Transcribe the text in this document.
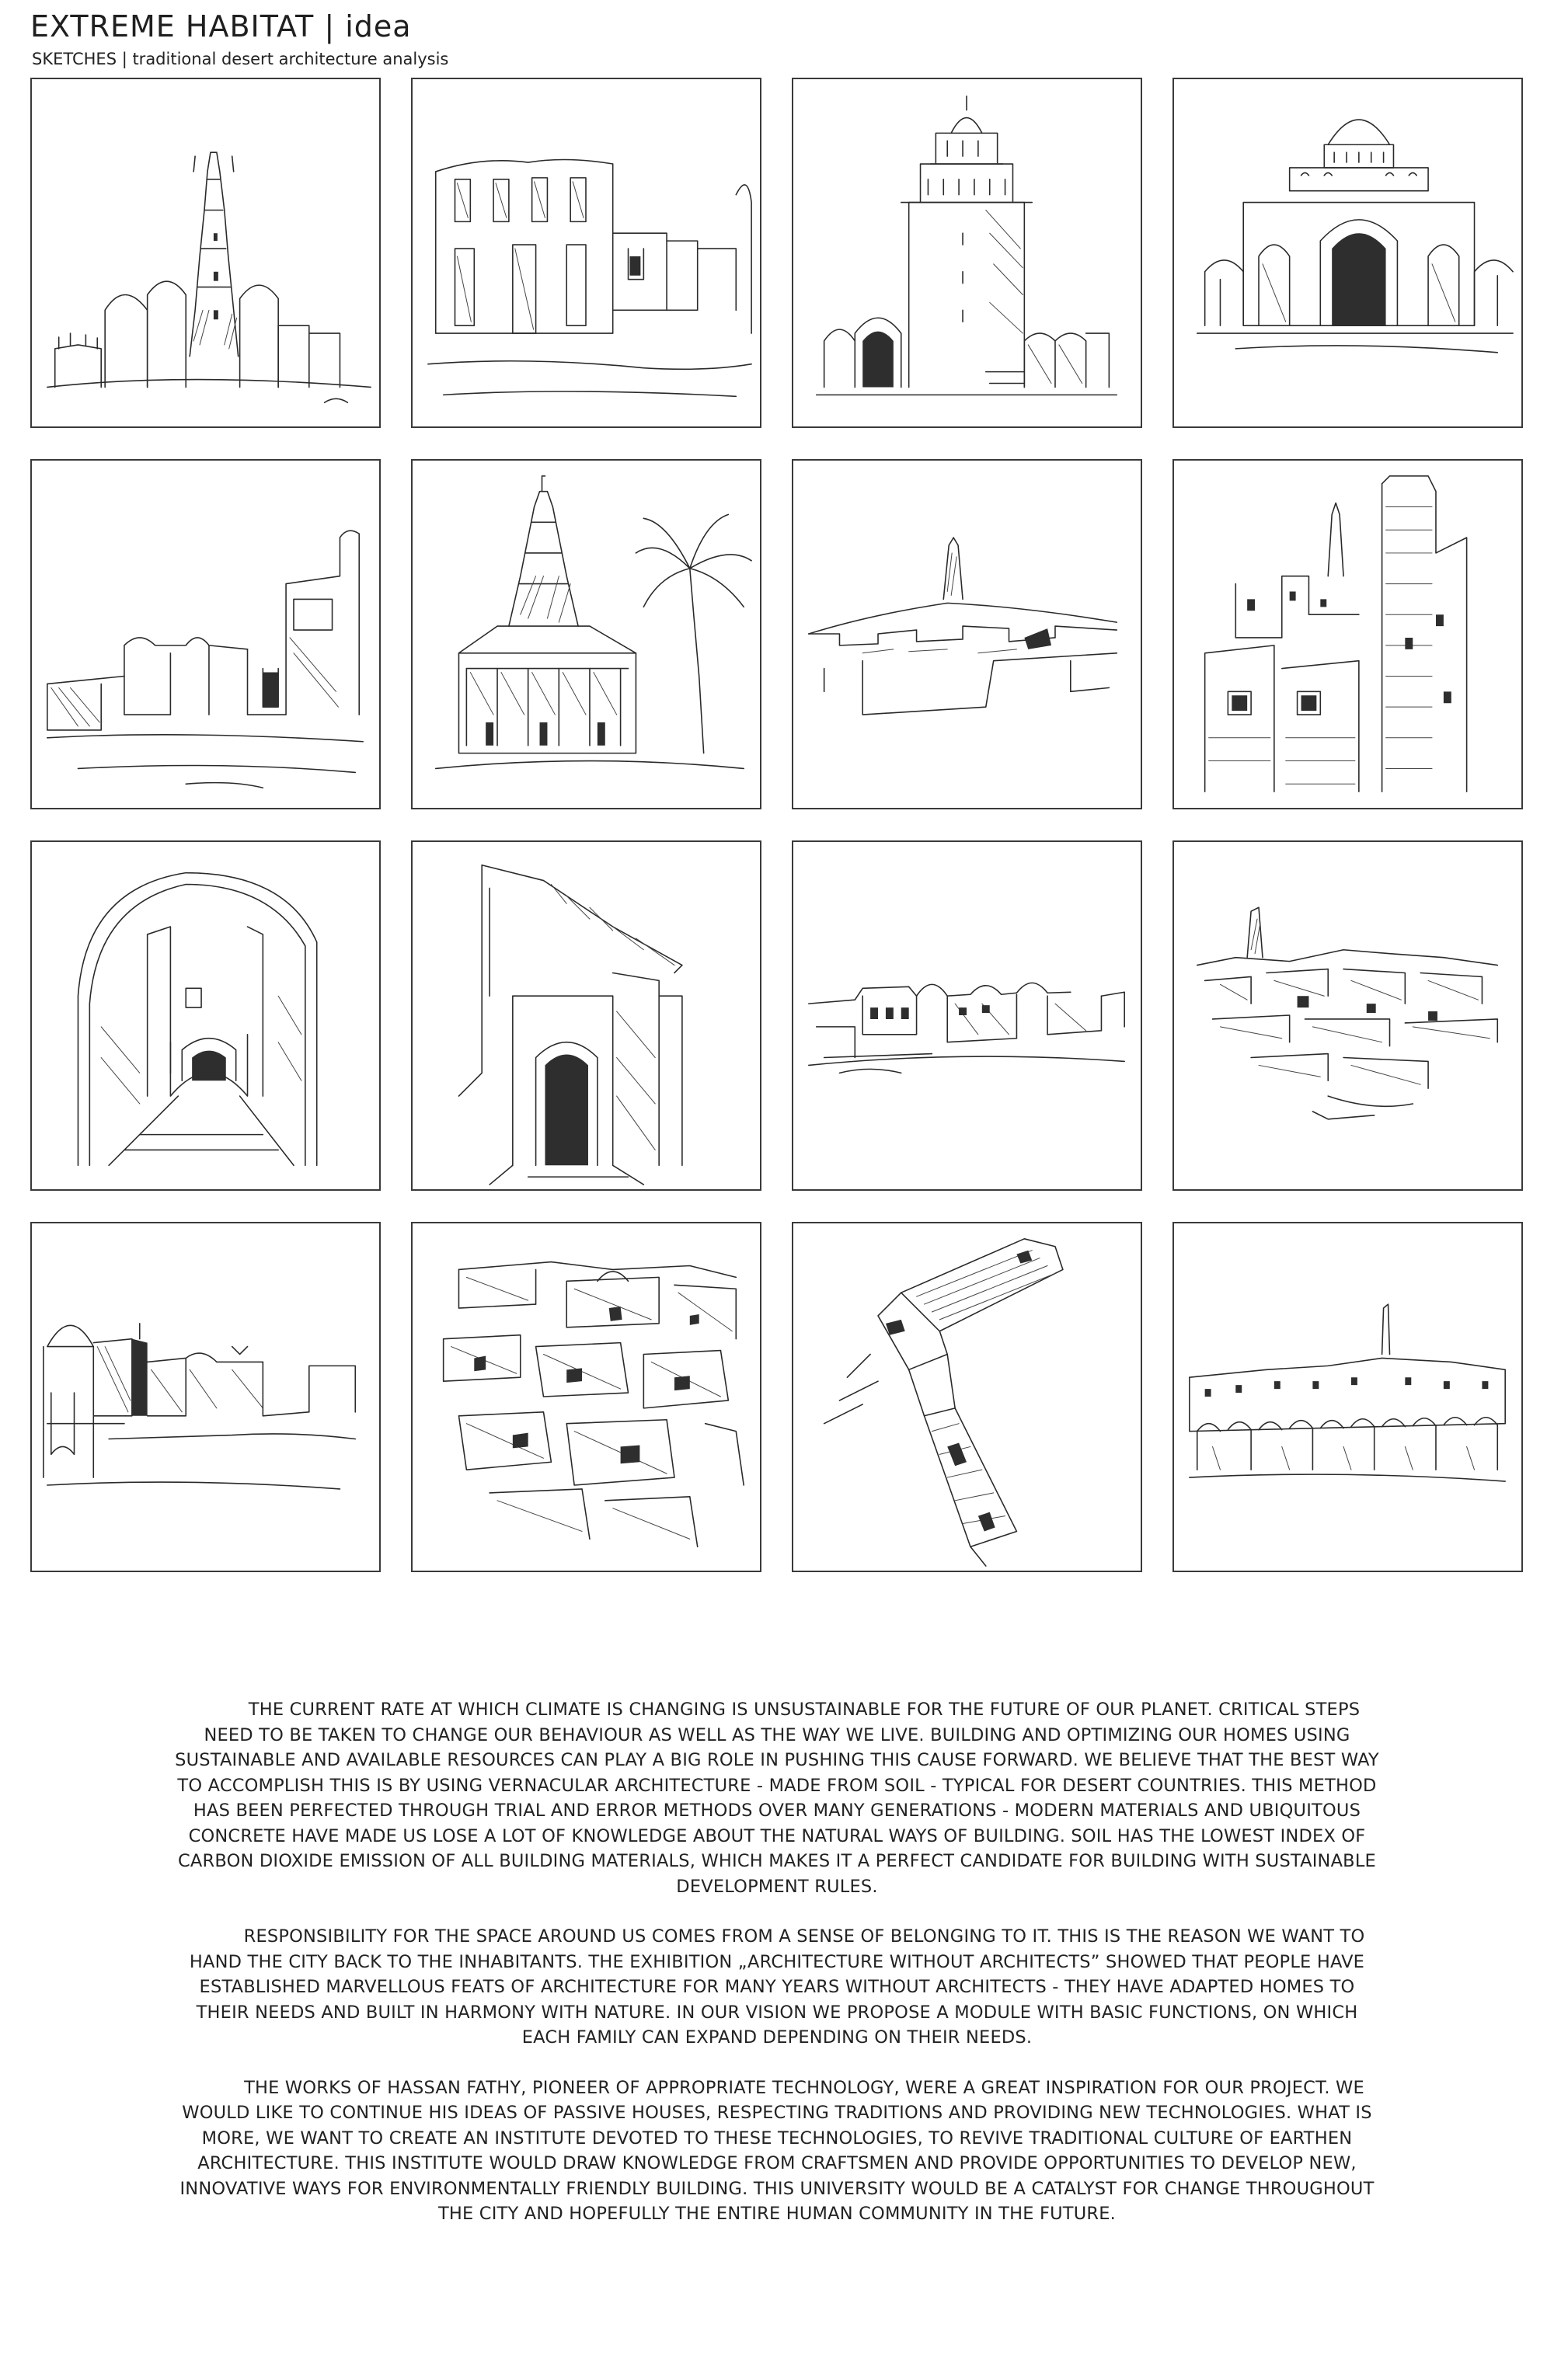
EXTREME HABITAT | idea
SKETCHES | traditional desert architecture analysis

THE CURRENT RATE AT WHICH CLIMATE IS CHANGING IS UNSUSTAINABLE FOR THE FUTURE OF OUR PLANET. CRITICAL STEPS NEED TO BE TAKEN TO CHANGE OUR BEHAVIOUR AS WELL AS THE WAY WE LIVE. BUILDING AND OPTIMIZING OUR HOMES USING SUSTAINABLE AND AVAILABLE RESOURCES CAN PLAY A BIG ROLE IN PUSHING THIS CAUSE FORWARD. WE BELIEVE THAT THE BEST WAY TO ACCOMPLISH THIS IS BY USING VERNACULAR ARCHITECTURE - MADE FROM SOIL - TYPICAL FOR DESERT COUNTRIES. THIS METHOD HAS BEEN PERFECTED THROUGH TRIAL AND ERROR METHODS OVER MANY GENERATIONS - MODERN MATERIALS AND UBIQUITOUS CONCRETE HAVE MADE US LOSE A LOT OF KNOWLEDGE ABOUT THE NATURAL WAYS OF BUILDING. SOIL HAS THE LOWEST INDEX OF CARBON DIOXIDE EMISSION OF ALL BUILDING MATERIALS, WHICH MAKES IT A PERFECT CANDIDATE FOR BUILDING WITH SUSTAINABLE DEVELOPMENT RULES.

RESPONSIBILITY FOR THE SPACE AROUND US COMES FROM A SENSE OF BELONGING TO IT. THIS IS THE REASON WE WANT TO HAND THE CITY BACK TO THE INHABITANTS. THE EXHIBITION „ARCHITECTURE WITHOUT ARCHITECTS” SHOWED THAT PEOPLE HAVE ESTABLISHED MARVELLOUS FEATS OF ARCHITECTURE FOR MANY YEARS WITHOUT ARCHITECTS - THEY HAVE ADAPTED HOMES TO THEIR NEEDS AND BUILT IN HARMONY WITH NATURE. IN OUR VISION WE PROPOSE A MODULE WITH BASIC FUNCTIONS, ON WHICH EACH FAMILY CAN EXPAND DEPENDING ON THEIR NEEDS.

THE WORKS OF HASSAN FATHY, PIONEER OF APPROPRIATE TECHNOLOGY, WERE A GREAT INSPIRATION FOR OUR PROJECT. WE WOULD LIKE TO CONTINUE HIS IDEAS OF PASSIVE HOUSES, RESPECTING TRADITIONS AND PROVIDING NEW TECHNOLOGIES. WHAT IS MORE, WE WANT TO CREATE AN INSTITUTE DEVOTED TO THESE TECHNOLOGIES, TO REVIVE TRADITIONAL CULTURE OF EARTHEN ARCHITECTURE. THIS INSTITUTE WOULD DRAW KNOWLEDGE FROM CRAFTSMEN AND PROVIDE OPPORTUNITIES TO DEVELOP NEW, INNOVATIVE WAYS FOR ENVIRONMENTALLY FRIENDLY BUILDING. THIS UNIVERSITY WOULD BE A CATALYST FOR CHANGE THROUGHOUT THE CITY AND HOPEFULLY THE ENTIRE HUMAN COMMUNITY IN THE FUTURE.
